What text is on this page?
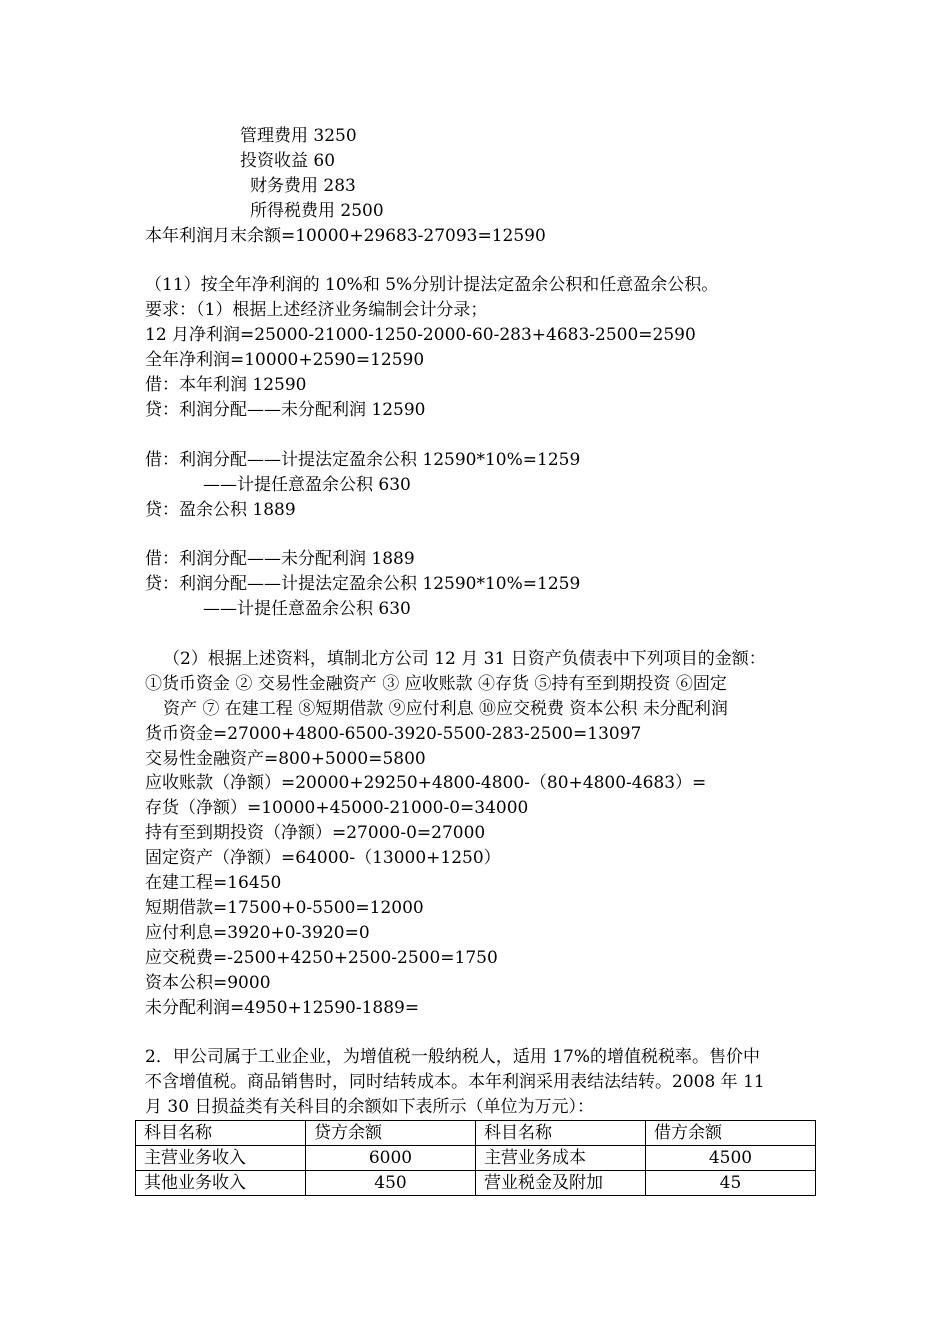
管理费用 3250
投资收益 60
财务费用 283
所得税费用 2500
本年利润月末余额=10000+29683-27093=12590
（11）按全年净利润的 10%和 5%分别计提法定盈余公积和任意盈余公积。
要求：（1）根据上述经济业务编制会计分录；
12 月净利润=25000-21000-1250-2000-60-283+4683-2500=2590
全年净利润=10000+2590=12590
借：本年利润 12590
贷：利润分配——未分配利润 12590
借：利润分配——计提法定盈余公积 12590*10%=1259
——计提任意盈余公积 630
贷：盈余公积 1889
借：利润分配——未分配利润 1889
贷：利润分配——计提法定盈余公积 12590*10%=1259
——计提任意盈余公积 630
（2）根据上述资料，填制北方公司 12 月 31 日资产负债表中下列项目的金额：
①货币资金 ② 交易性金融资产 ③ 应收账款 ④存货 ⑤持有至到期投资 ⑥固定
资产 ⑦ 在建工程 ⑧短期借款 ⑨应付利息 ⑩应交税费 资本公积 未分配利润
货币资金=27000+4800-6500-3920-5500-283-2500=13097
交易性金融资产=800+5000=5800
应收账款（净额）=20000+29250+4800-4800-（80+4800-4683）=
存货（净额）=10000+45000-21000-0=34000
持有至到期投资（净额）=27000-0=27000
固定资产（净额）=64000-（13000+1250）
在建工程=16450
短期借款=17500+0-5500=12000
应付利息=3920+0-3920=0
应交税费=-2500+4250+2500-2500=1750
资本公积=9000
未分配利润=4950+12590-1889=
2．甲公司属于工业企业，为增值税一般纳税人，适用 17%的增值税税率。售价中
不含增值税。商品销售时，同时结转成本。本年利润采用表结法结转。2008 年 11
月 30 日损益类有关科目的余额如下表所示（单位为万元）：
科目名称	贷方余额	科目名称	借方余额
主营业务收入	6000	主营业务成本	4500
其他业务收入	450	营业税金及附加	45
